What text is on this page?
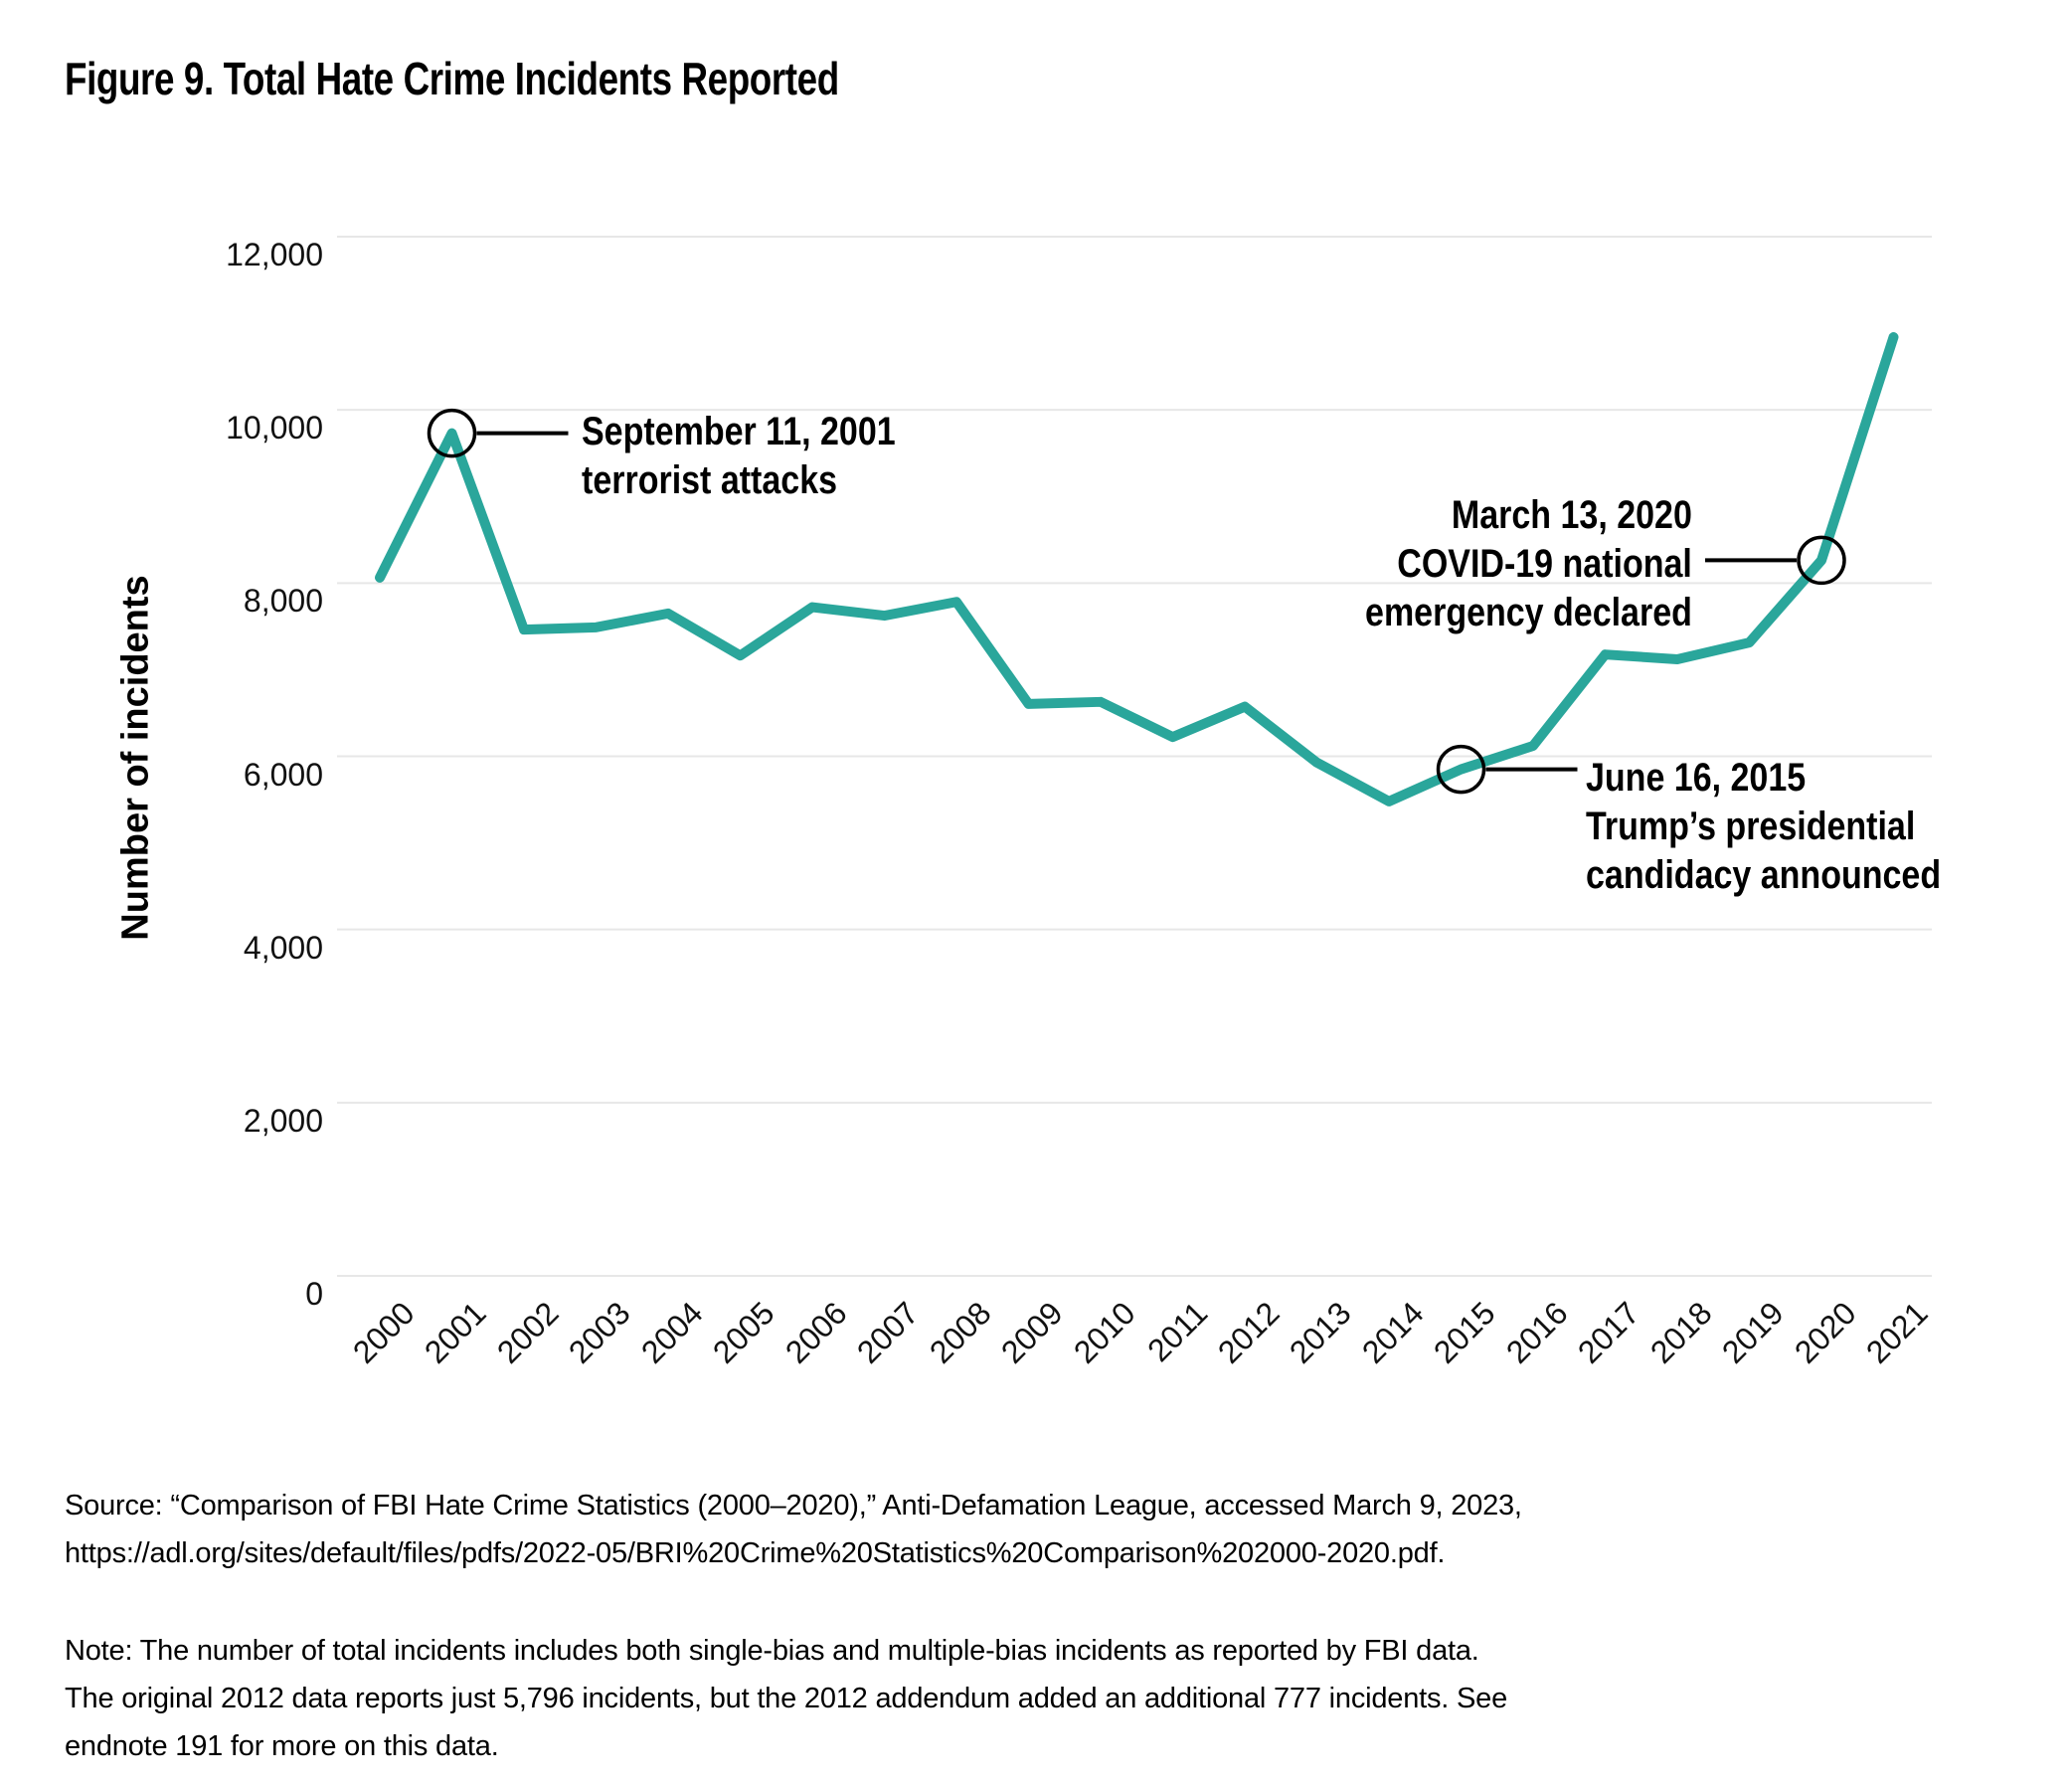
Figure 9. Total Hate Crime Incidents Reported
0
2,000
4,000
6,000
8,000
10,000
12,000
2000
2001
2002
2003
2004
2005
2006
2007
2008
2009
2010
2011
2012
2013
2014
2015
2016
2017
2018
2019
2020
2021
Number of incidents
September 11, 2001
terrorist attacks
March 13, 2020
COVID-19 national
emergency declared
June 16, 2015
Trump’s presidential
candidacy announced
Source: “Comparison of FBI Hate Crime Statistics (2000–2020),” Anti-Defamation League, accessed March 9, 2023,
https://adl.org/sites/default/files/pdfs/2022-05/BRI%20Crime%20Statistics%20Comparison%202000-2020.pdf.
Note: The number of total incidents includes both single-bias and multiple-bias incidents as reported by FBI data.
The original 2012 data reports just 5,796 incidents, but the 2012 addendum added an additional 777 incidents. See
endnote 191 for more on this data.
